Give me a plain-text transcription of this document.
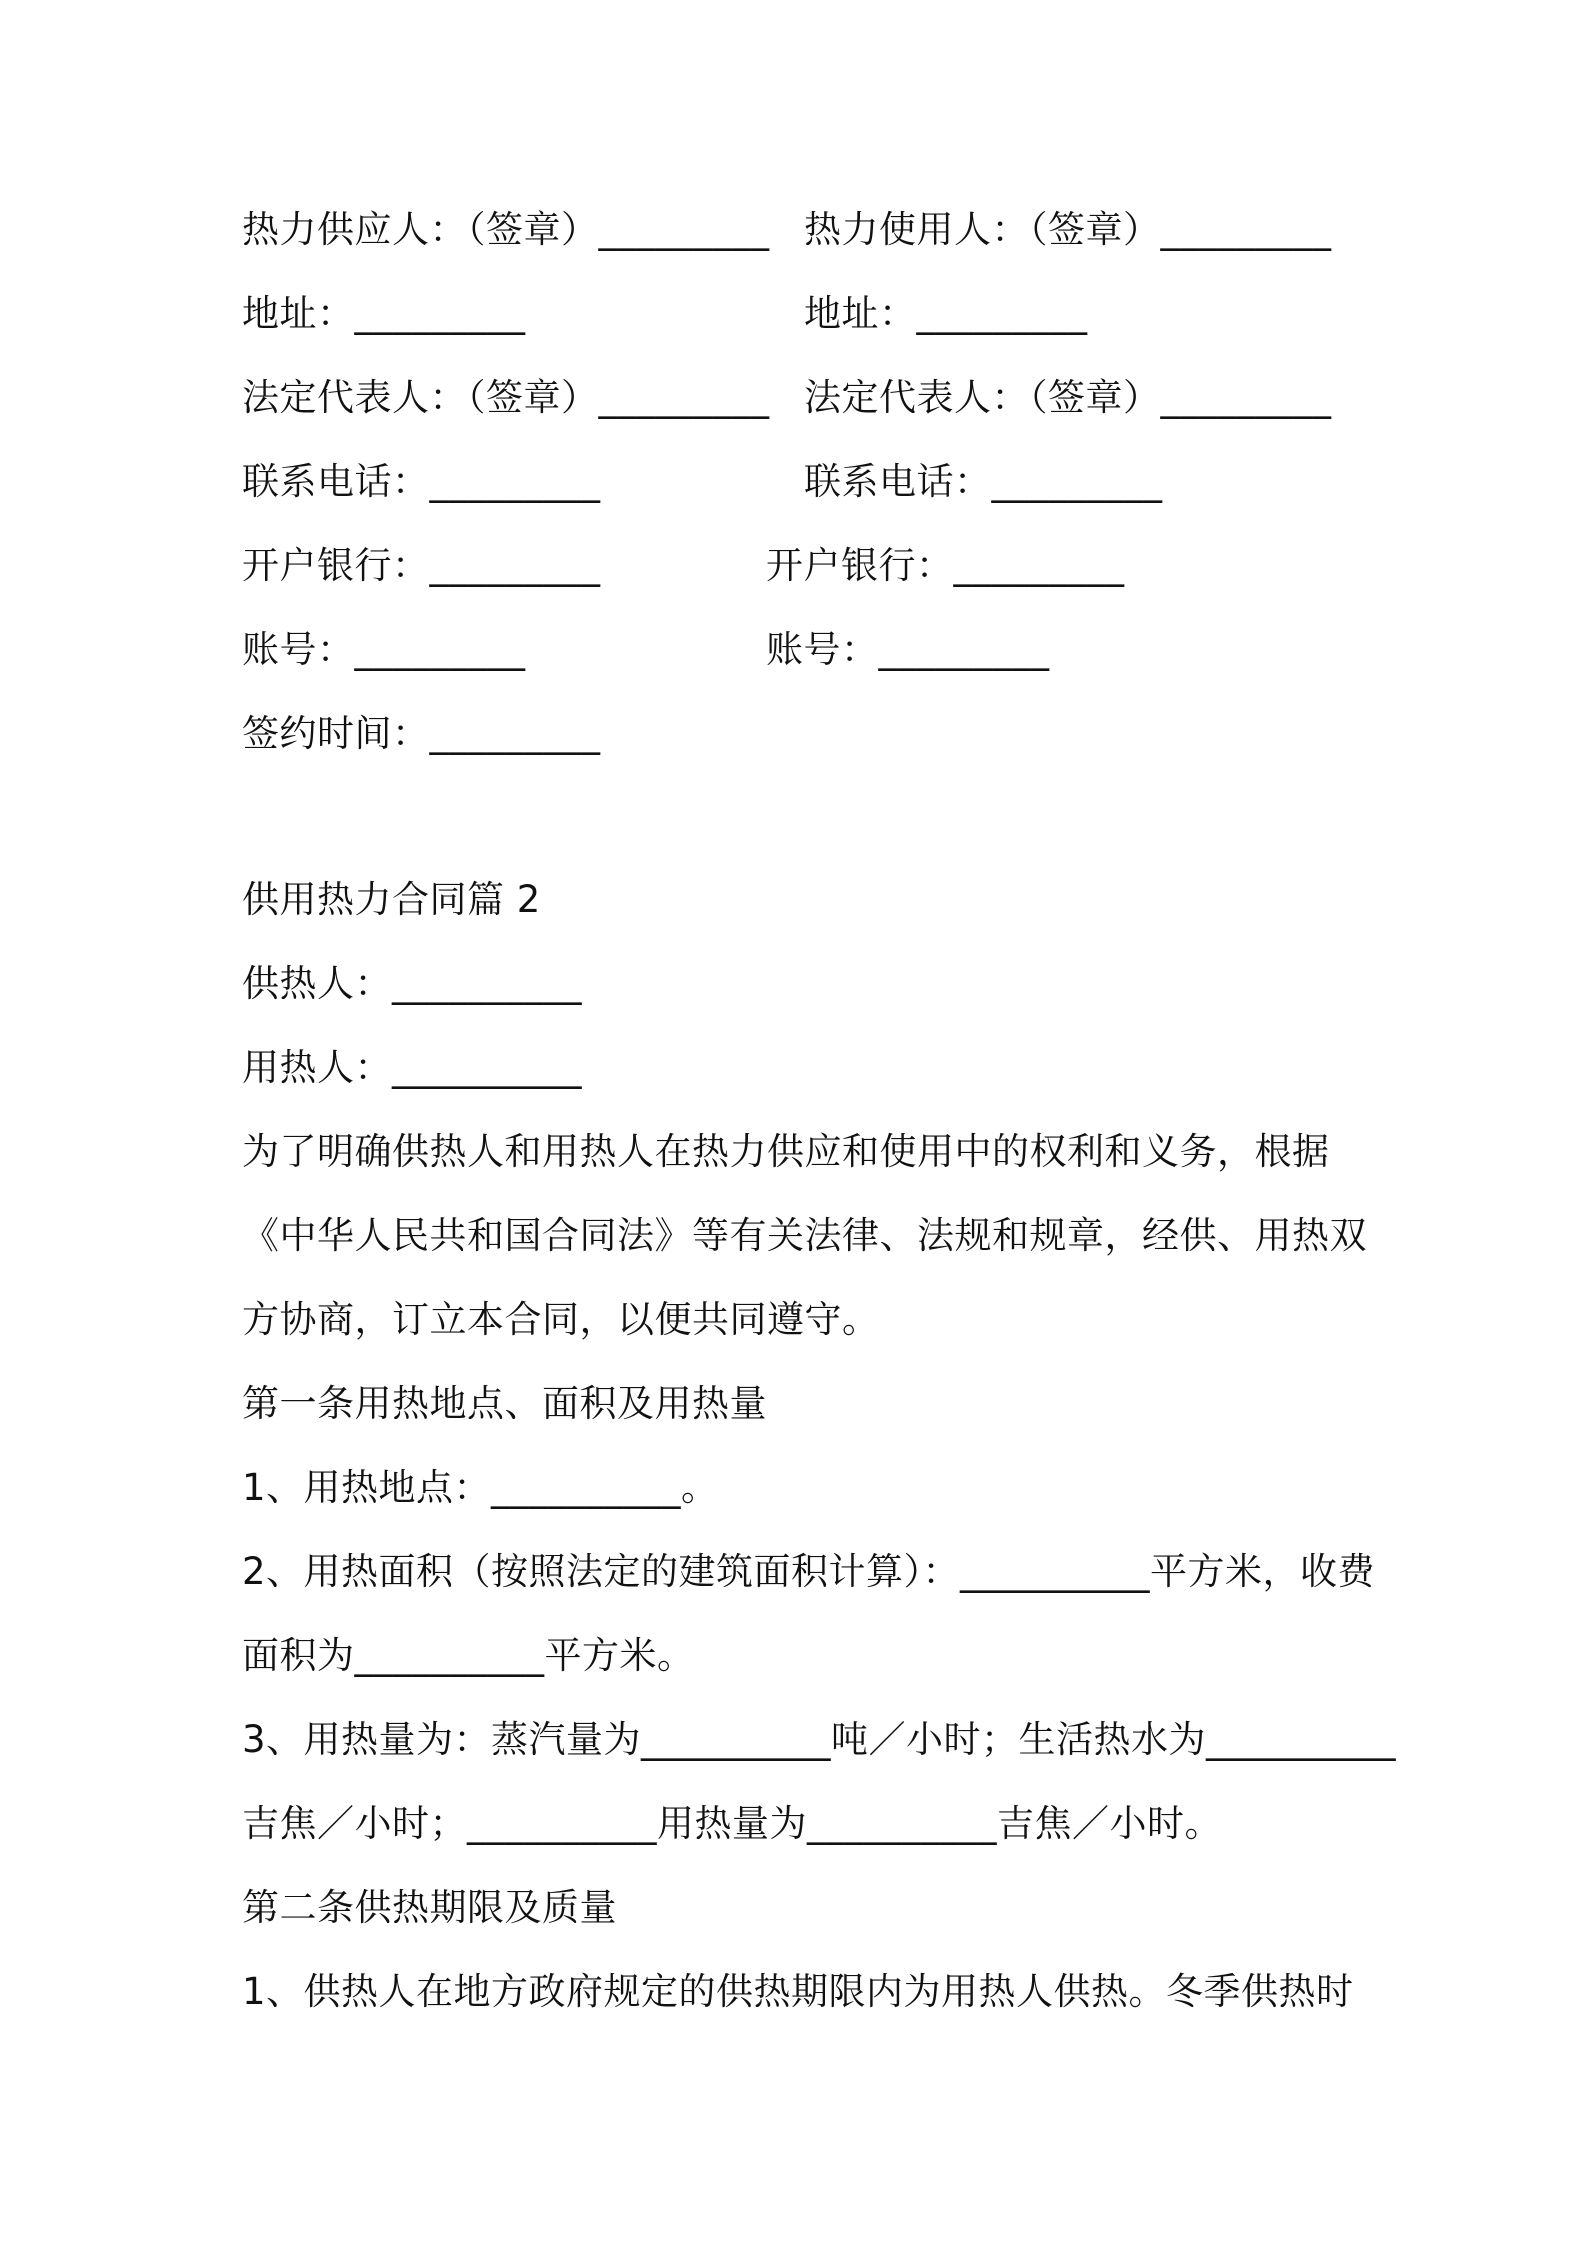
热力供应人：（签章）_________
地址：_________
法定代表人：（签章）_________
联系电话：_________
开户银行：_________
账号：_________
签约时间：_________
热力使用人：（签章）_________
地址：_________
法定代表人：（签章）_________
联系电话：_________
开户银行：_________
账号：_________
供用热力合同篇 2
供热人：__________
用热人：__________
为了明确供热人和用热人在热力供应和使用中的权利和义务，根据
《中华人民共和国合同法》等有关法律、法规和规章，经供、用热双
方协商，订立本合同，以便共同遵守。
第一条用热地点、面积及用热量
1、用热地点：__________。
2、用热面积（按照法定的建筑面积计算）：__________平方米，收费
面积为__________平方米。
3、用热量为：蒸汽量为__________吨／小时；生活热水为__________
吉焦／小时；__________用热量为__________吉焦／小时。
第二条供热期限及质量
1、供热人在地方政府规定的供热期限内为用热人供热。冬季供热时
